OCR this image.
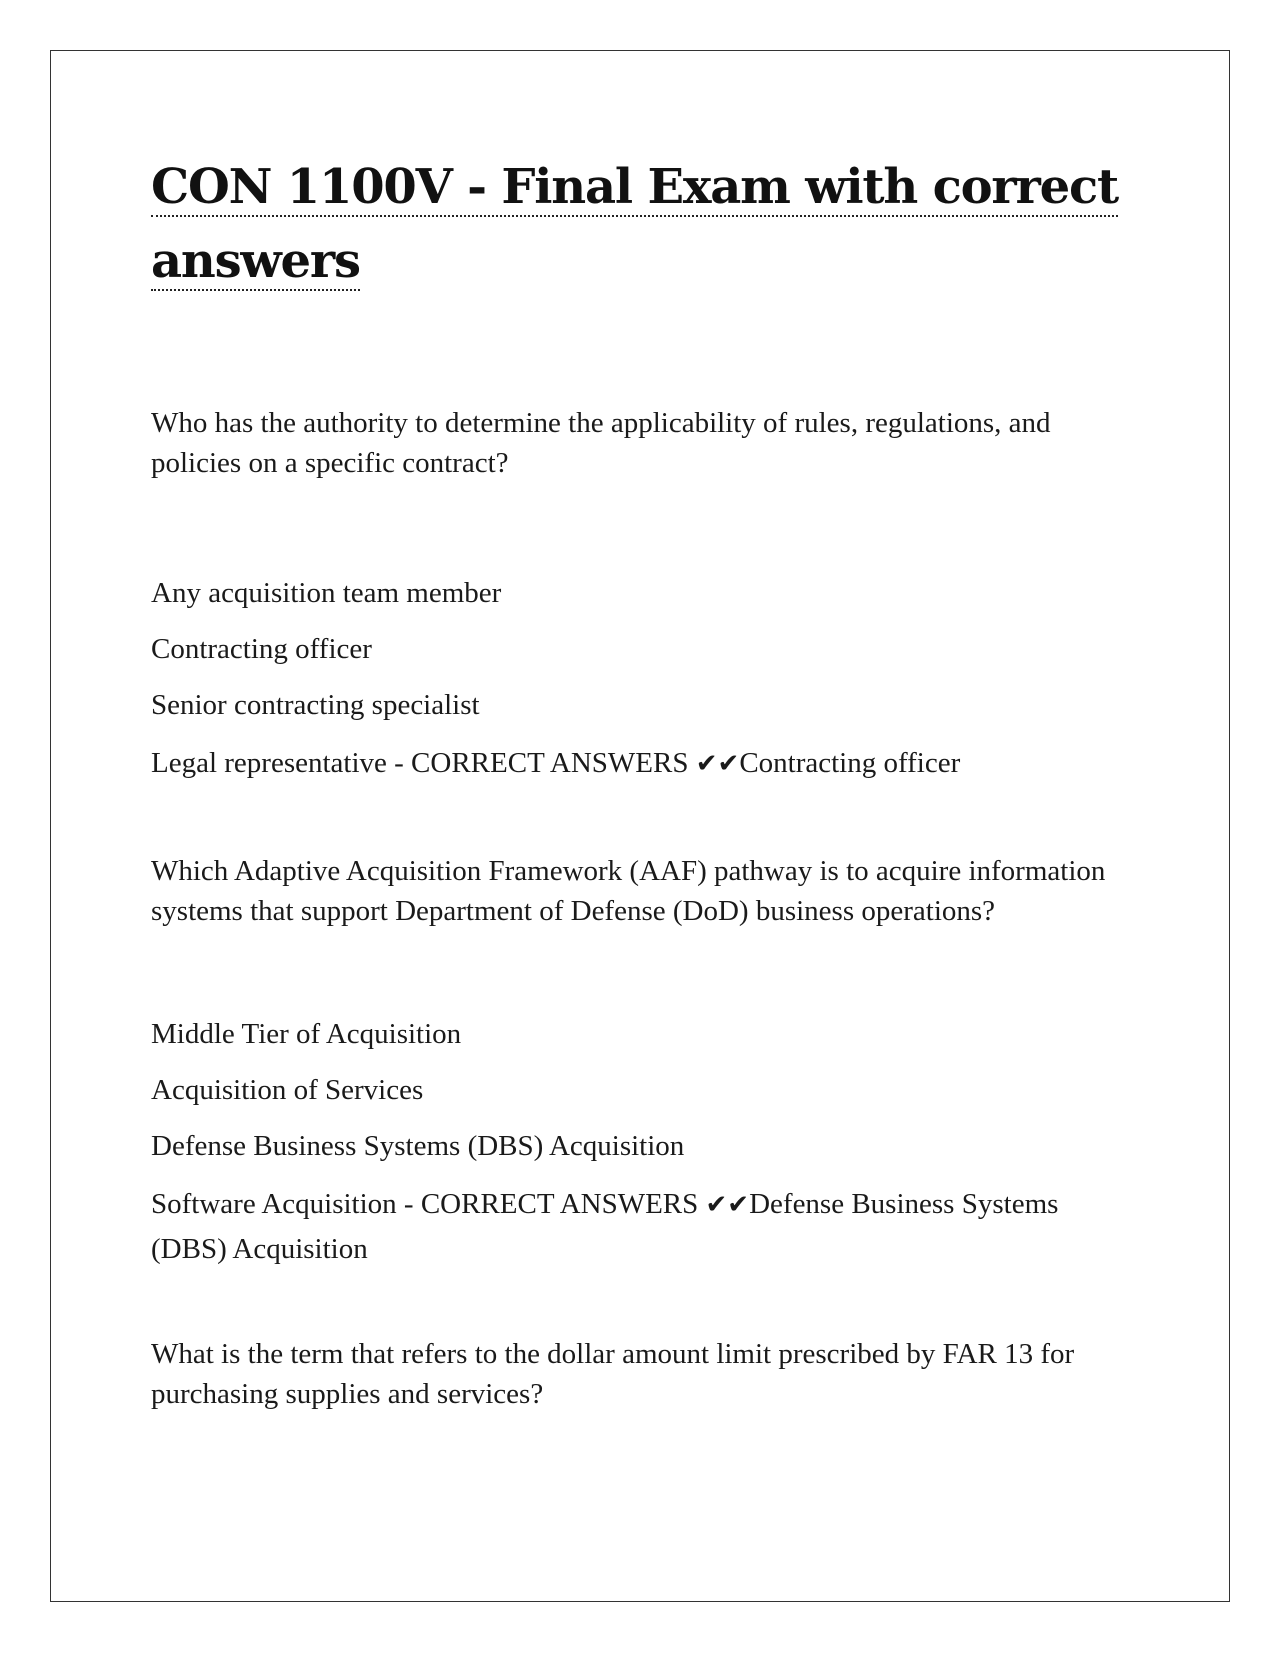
CON 1100V - Final Exam with correct answers

Who has the authority to determine the applicability of rules, regulations, and policies on a specific contract?

Any acquisition team member
Contracting officer
Senior contracting specialist
Legal representative - CORRECT ANSWERS ✔✔Contracting officer

Which Adaptive Acquisition Framework (AAF) pathway is to acquire information systems that support Department of Defense (DoD) business operations?

Middle Tier of Acquisition
Acquisition of Services
Defense Business Systems (DBS) Acquisition
Software Acquisition - CORRECT ANSWERS ✔✔Defense Business Systems (DBS) Acquisition

What is the term that refers to the dollar amount limit prescribed by FAR 13 for purchasing supplies and services?
